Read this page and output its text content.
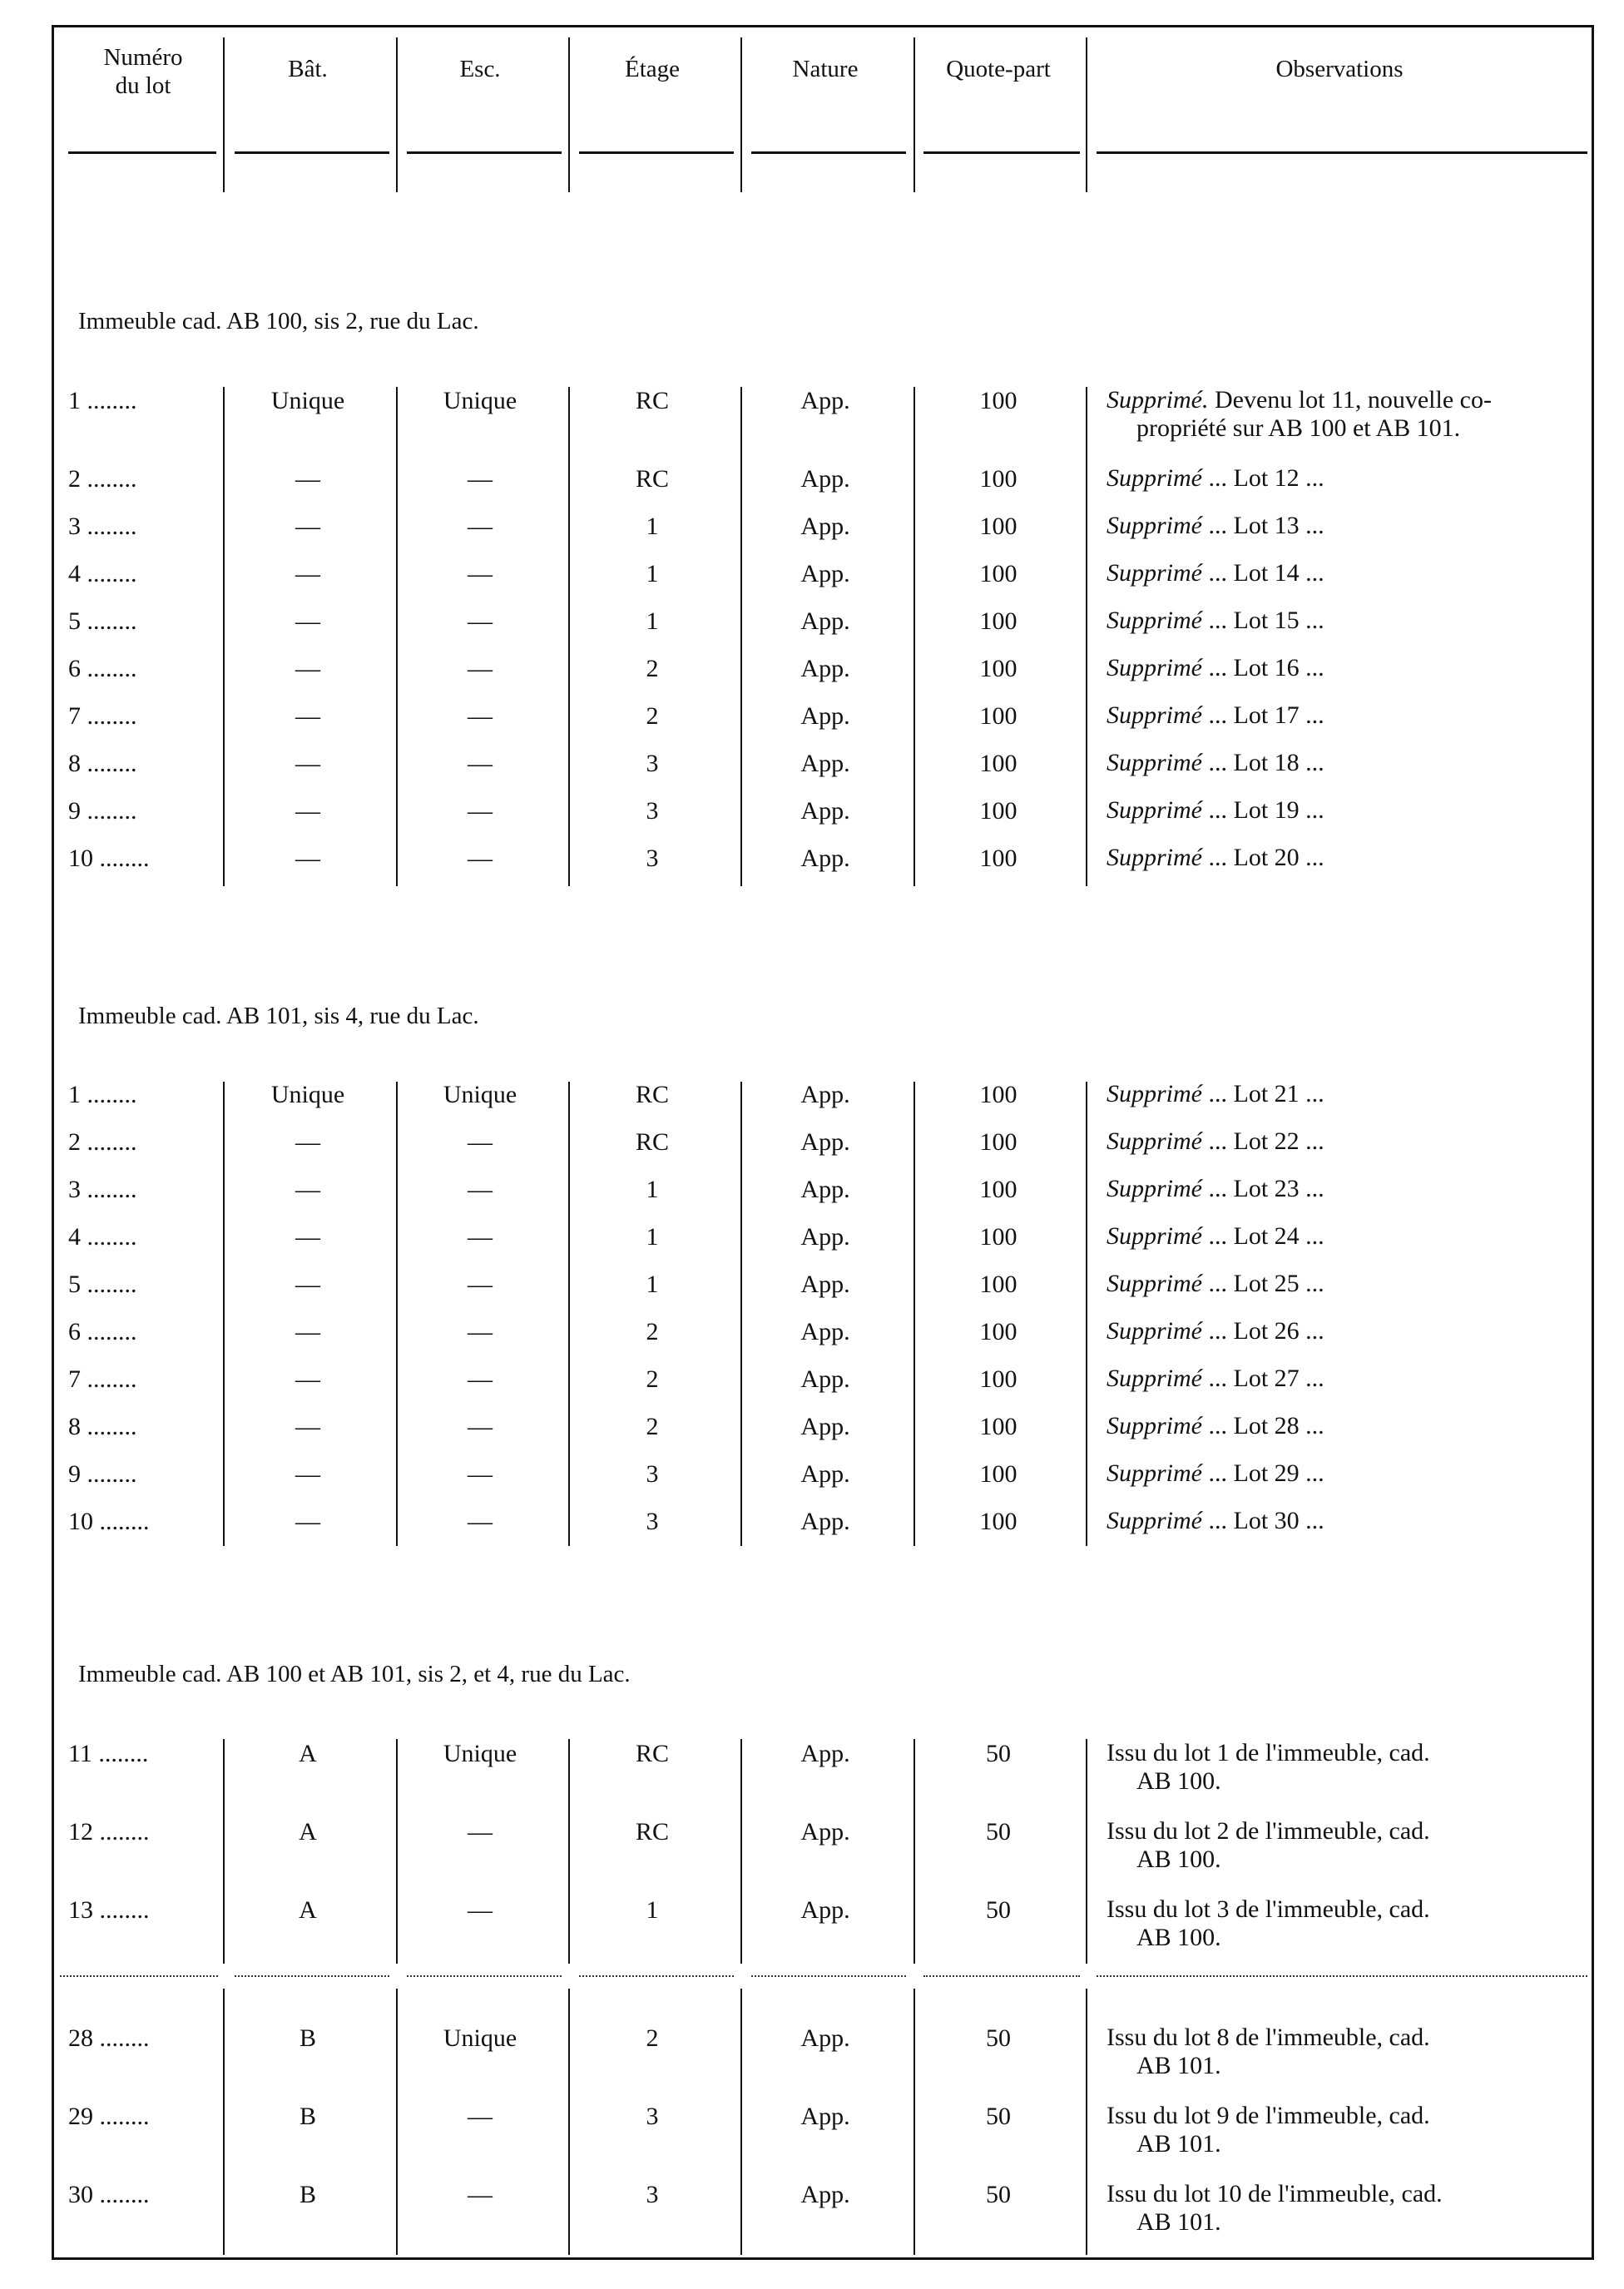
Numéro
du lot
Bât.	Esc.	Étage	Nature	Quote-part	Observations
Immeuble cad. AB 100, sis 2, rue du Lac.
Immeuble cad. AB 101, sis 4, rue du Lac.
Immeuble cad. AB 100 et AB 101, sis 2, et 4, rue du Lac.
1 ........	Unique	Unique	RC	App.	100	Supprimé. Devenu lot 11, nouvelle co-
propriété sur AB 100 et AB 101.
2 ........	—	—	RC	App.	100	Supprimé ... Lot 12 ...
3 ........	—	—	1	App.	100	Supprimé ... Lot 13 ...
4 ........	—	—	1	App.	100	Supprimé ... Lot 14 ...
5 ........	—	—	1	App.	100	Supprimé ... Lot 15 ...
6 ........	—	—	2	App.	100	Supprimé ... Lot 16 ...
7 ........	—	—	2	App.	100	Supprimé ... Lot 17 ...
8 ........	—	—	3	App.	100	Supprimé ... Lot 18 ...
9 ........	—	—	3	App.	100	Supprimé ... Lot 19 ...
10 ........	—	—	3	App.	100	Supprimé ... Lot 20 ...
1 ........	Unique	Unique	RC	App.	100	Supprimé ... Lot 21 ...
2 ........	—	—	RC	App.	100	Supprimé ... Lot 22 ...
3 ........	—	—	1	App.	100	Supprimé ... Lot 23 ...
4 ........	—	—	1	App.	100	Supprimé ... Lot 24 ...
5 ........	—	—	1	App.	100	Supprimé ... Lot 25 ...
6 ........	—	—	2	App.	100	Supprimé ... Lot 26 ...
7 ........	—	—	2	App.	100	Supprimé ... Lot 27 ...
8 ........	—	—	2	App.	100	Supprimé ... Lot 28 ...
9 ........	—	—	3	App.	100	Supprimé ... Lot 29 ...
10 ........	—	—	3	App.	100	Supprimé ... Lot 30 ...
11 ........	A	Unique	RC	App.	50	Issu du lot 1 de l'immeuble, cad.
AB 100.
12 ........	A	—	RC	App.	50	Issu du lot 2 de l'immeuble, cad.
AB 100.
13 ........	A	—	1	App.	50	Issu du lot 3 de l'immeuble, cad.
AB 100.
28 ........	B	Unique	2	App.	50	Issu du lot 8 de l'immeuble, cad.
AB 101.
29 ........	B	—	3	App.	50	Issu du lot 9 de l'immeuble, cad.
AB 101.
30 ........	B	—	3	App.	50	Issu du lot 10 de l'immeuble, cad.
AB 101.
